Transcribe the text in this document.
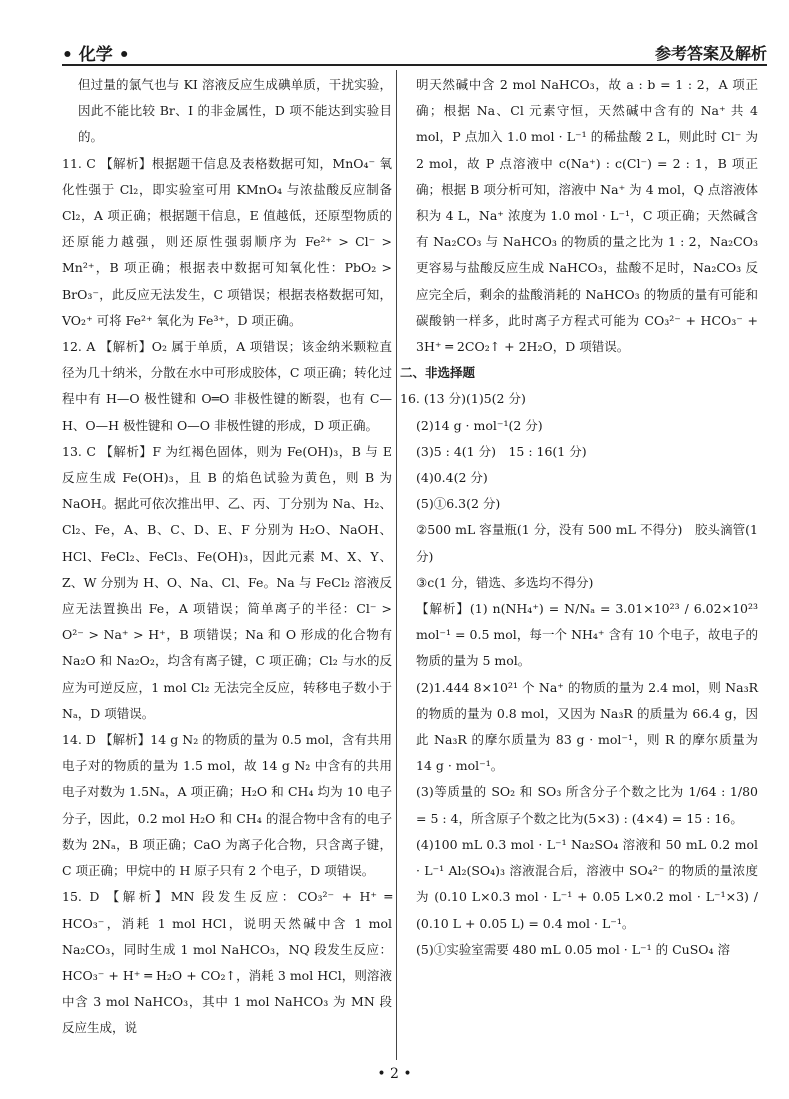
• 化学 •	参考答案及解析

但过量的氯气也与 KI 溶液反应生成碘单质，干扰实验，因此不能比较 Br、I 的非金属性，D 项不能达到实验目的。

11. C 【解析】根据题干信息及表格数据可知，MnO₄⁻ 氧化性强于 Cl₂，即实验室可用 KMnO₄ 与浓盐酸反应制备 Cl₂，A 项正确；根据题干信息，E 值越低，还原型物质的还原能力越强，则还原性强弱顺序为 Fe²⁺ > Cl⁻ > Mn²⁺，B 项正确；根据表中数据可知氧化性：PbO₂ > BrO₃⁻，此反应无法发生，C 项错误；根据表格数据可知，VO₂⁺ 可将 Fe²⁺ 氧化为 Fe³⁺，D 项正确。

12. A 【解析】O₂ 属于单质，A 项错误；该金纳米颗粒直径为几十纳米，分散在水中可形成胶体，C 项正确；转化过程中有 H—O 极性键和 O═O 非极性键的断裂，也有 C—H、O—H 极性键和 O—O 非极性键的形成，D 项正确。

13. C 【解析】F 为红褐色固体，则为 Fe(OH)₃，B 与 E 反应生成 Fe(OH)₃，且 B 的焰色试验为黄色，则 B 为 NaOH。据此可依次推出甲、乙、丙、丁分别为 Na、H₂、Cl₂、Fe，A、B、C、D、E、F 分别为 H₂O、NaOH、HCl、FeCl₂、FeCl₃、Fe(OH)₃，因此元素 M、X、Y、Z、W 分别为 H、O、Na、Cl、Fe。Na 与 FeCl₂ 溶液反应无法置换出 Fe，A 项错误；简单离子的半径：Cl⁻ > O²⁻ > Na⁺ > H⁺，B 项错误；Na 和 O 形成的化合物有 Na₂O 和 Na₂O₂，均含有离子键，C 项正确；Cl₂ 与水的反应为可逆反应，1 mol Cl₂ 无法完全反应，转移电子数小于 Nₐ，D 项错误。

14. D 【解析】14 g N₂ 的物质的量为 0.5 mol，含有共用电子对的物质的量为 1.5 mol，故 14 g N₂ 中含有的共用电子对数为 1.5Nₐ，A 项正确；H₂O 和 CH₄ 均为 10 电子分子，因此，0.2 mol H₂O 和 CH₄ 的混合物中含有的电子数为 2Nₐ，B 项正确；CaO 为离子化合物，只含离子键，C 项正确；甲烷中的 H 原子只有 2 个电子，D 项错误。

15. D 【解析】MN 段发生反应：CO₃²⁻ + H⁺ ═ HCO₃⁻，消耗 1 mol HCl，说明天然碱中含 1 mol Na₂CO₃，同时生成 1 mol NaHCO₃，NQ 段发生反应：HCO₃⁻ + H⁺ ═ H₂O + CO₂↑，消耗 3 mol HCl，则溶液中含 3 mol NaHCO₃，其中 1 mol NaHCO₃ 为 MN 段反应生成，说

明天然碱中含 2 mol NaHCO₃，故 a : b = 1 : 2，A 项正确；根据 Na、Cl 元素守恒，天然碱中含有的 Na⁺ 共 4 mol，P 点加入 1.0 mol · L⁻¹ 的稀盐酸 2 L，则此时 Cl⁻ 为 2 mol，故 P 点溶液中 c(Na⁺) : c(Cl⁻) = 2 : 1，B 项正确；根据 B 项分析可知，溶液中 Na⁺ 为 4 mol，Q 点溶液体积为 4 L，Na⁺ 浓度为 1.0 mol · L⁻¹，C 项正确；天然碱含有 Na₂CO₃ 与 NaHCO₃ 的物质的量之比为 1 : 2，Na₂CO₃ 更容易与盐酸反应生成 NaHCO₃，盐酸不足时，Na₂CO₃ 反应完全后，剩余的盐酸消耗的 NaHCO₃ 的物质的量有可能和碳酸钠一样多，此时离子方程式可能为 CO₃²⁻ + HCO₃⁻ + 3H⁺ ═ 2CO₂↑ + 2H₂O，D 项错误。

二、非选择题

16. (13 分)(1)5(2 分)

(2)14 g · mol⁻¹(2 分)

(3)5 : 4(1 分)　15 : 16(1 分)

(4)0.4(2 分)

(5)①6.3(2 分)

②500 mL 容量瓶(1 分，没有 500 mL 不得分)　胶头滴管(1 分)

③c(1 分，错选、多选均不得分)

【解析】(1) n(NH₄⁺) = N/Nₐ = 3.01×10²³ / 6.02×10²³ mol⁻¹ = 0.5 mol，每一个 NH₄⁺ 含有 10 个电子，故电子的物质的量为 5 mol。

(2)1.444 8×10²¹ 个 Na⁺ 的物质的量为 2.4 mol，则 Na₃R 的物质的量为 0.8 mol，又因为 Na₃R 的质量为 66.4 g，因此 Na₃R 的摩尔质量为 83 g · mol⁻¹，则 R 的摩尔质量为 14 g · mol⁻¹。

(3)等质量的 SO₂ 和 SO₃ 所含分子个数之比为 1/64 : 1/80 = 5 : 4，所含原子个数之比为(5×3) : (4×4) = 15 : 16。

(4)100 mL 0.3 mol · L⁻¹ Na₂SO₄ 溶液和 50 mL 0.2 mol · L⁻¹ Al₂(SO₄)₃ 溶液混合后，溶液中 SO₄²⁻ 的物质的量浓度为 (0.10 L×0.3 mol · L⁻¹ + 0.05 L×0.2 mol · L⁻¹×3) / (0.10 L + 0.05 L) = 0.4 mol · L⁻¹。

(5)①实验室需要 480 mL 0.05 mol · L⁻¹ 的 CuSO₄ 溶

• 2 •
